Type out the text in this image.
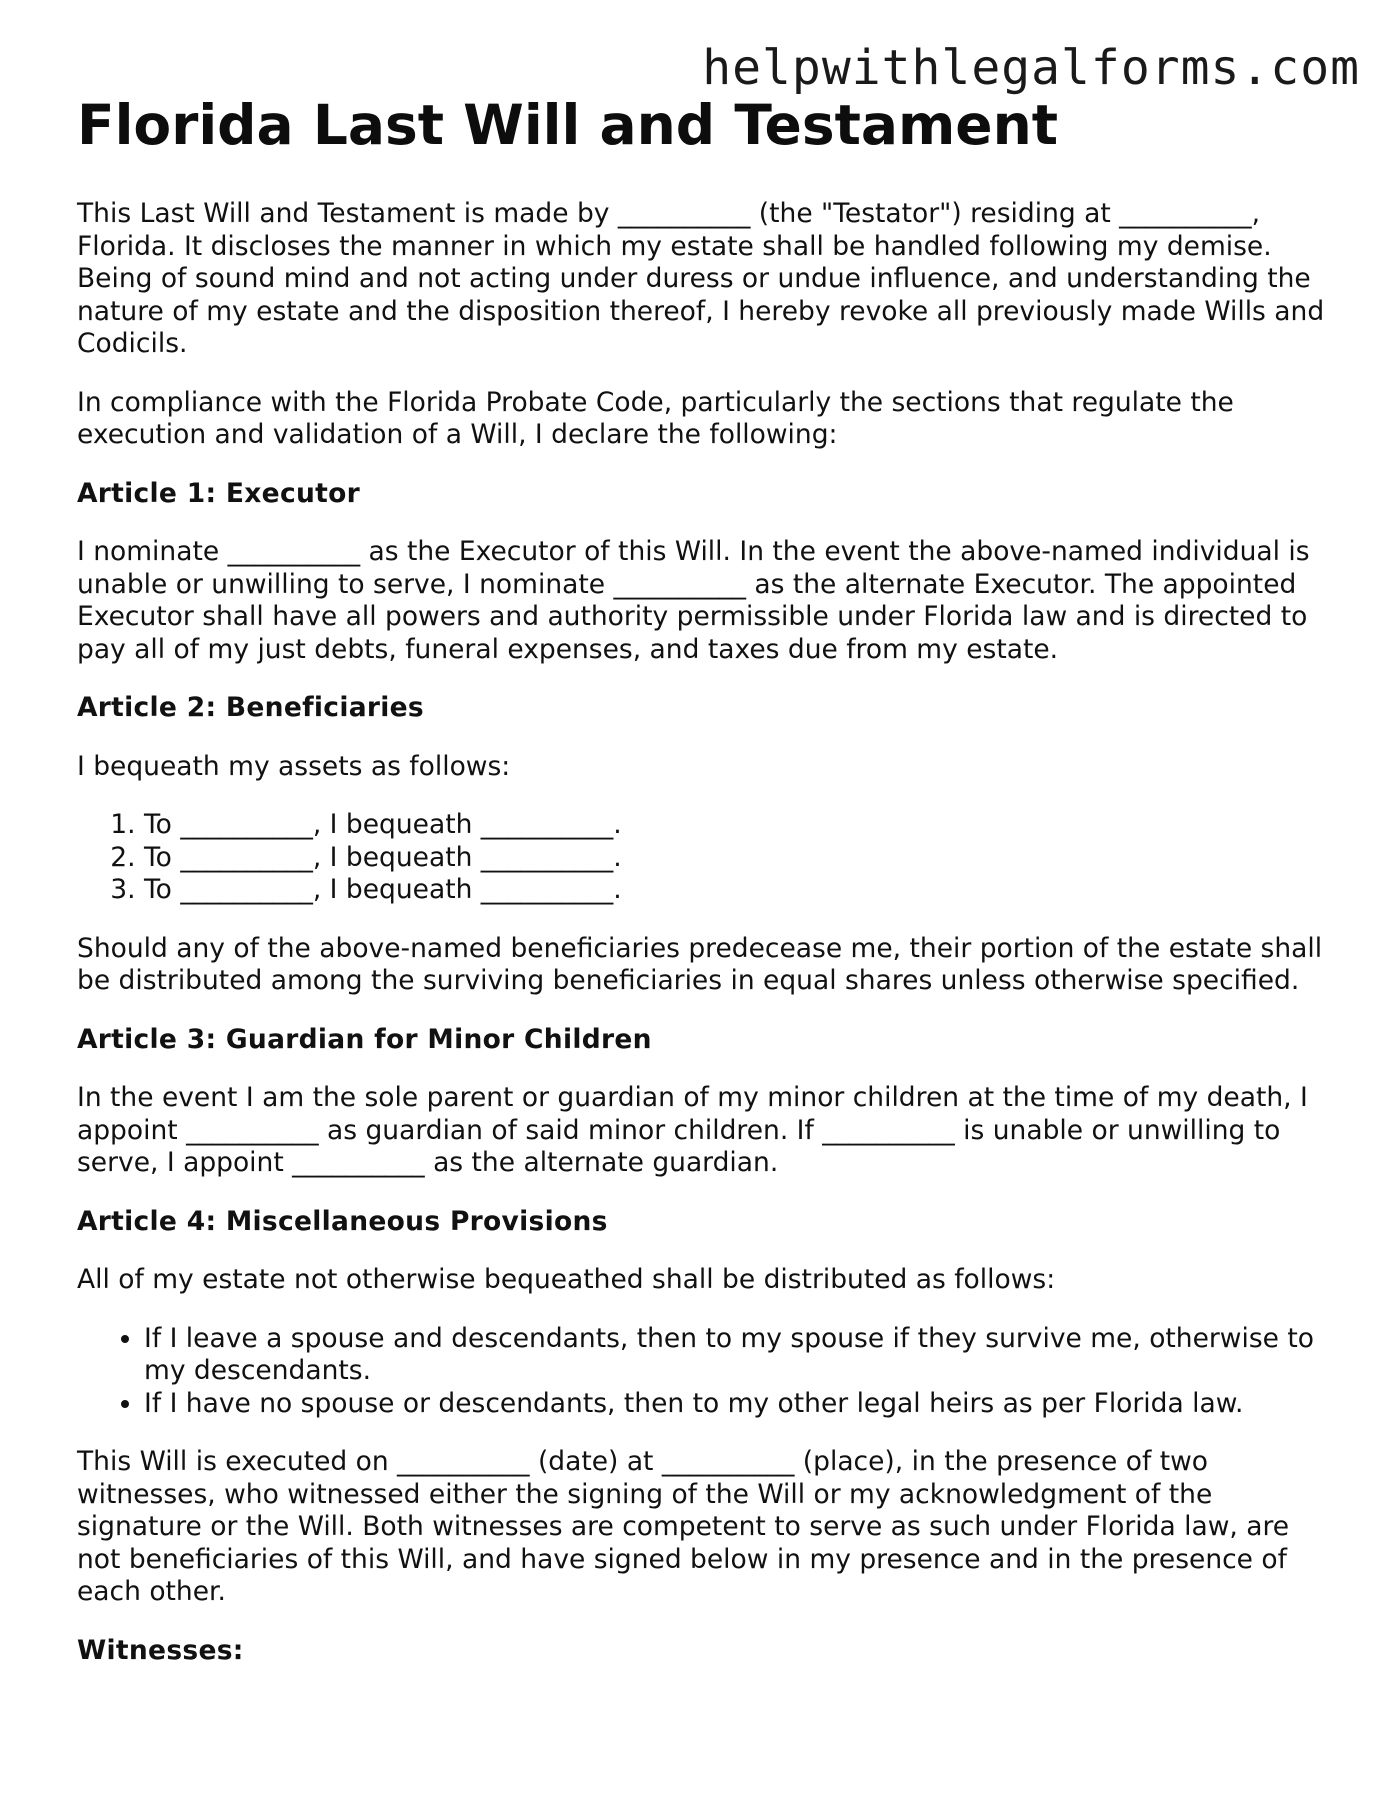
helpwithlegalforms.com
Florida Last Will and Testament

This Last Will and Testament is made by __________ (the "Testator") residing at __________, Florida. It discloses the manner in which my estate shall be handled following my demise. Being of sound mind and not acting under duress or undue influence, and understanding the nature of my estate and the disposition thereof, I hereby revoke all previously made Wills and Codicils.

In compliance with the Florida Probate Code, particularly the sections that regulate the execution and validation of a Will, I declare the following:

Article 1: Executor

I nominate __________ as the Executor of this Will. In the event the above-named individual is unable or unwilling to serve, I nominate __________ as the alternate Executor. The appointed Executor shall have all powers and authority permissible under Florida law and is directed to pay all of my just debts, funeral expenses, and taxes due from my estate.

Article 2: Beneficiaries

I bequeath my assets as follows:

1. To __________, I bequeath __________.
2. To __________, I bequeath __________.
3. To __________, I bequeath __________.

Should any of the above-named beneficiaries predecease me, their portion of the estate shall be distributed among the surviving beneficiaries in equal shares unless otherwise specified.

Article 3: Guardian for Minor Children

In the event I am the sole parent or guardian of my minor children at the time of my death, I appoint __________ as guardian of said minor children. If __________ is unable or unwilling to serve, I appoint __________ as the alternate guardian.

Article 4: Miscellaneous Provisions

All of my estate not otherwise bequeathed shall be distributed as follows:

• If I leave a spouse and descendants, then to my spouse if they survive me, otherwise to my descendants.
• If I have no spouse or descendants, then to my other legal heirs as per Florida law.

This Will is executed on __________ (date) at __________ (place), in the presence of two witnesses, who witnessed either the signing of the Will or my acknowledgment of the signature or the Will. Both witnesses are competent to serve as such under Florida law, are not beneficiaries of this Will, and have signed below in my presence and in the presence of each other.

Witnesses:
